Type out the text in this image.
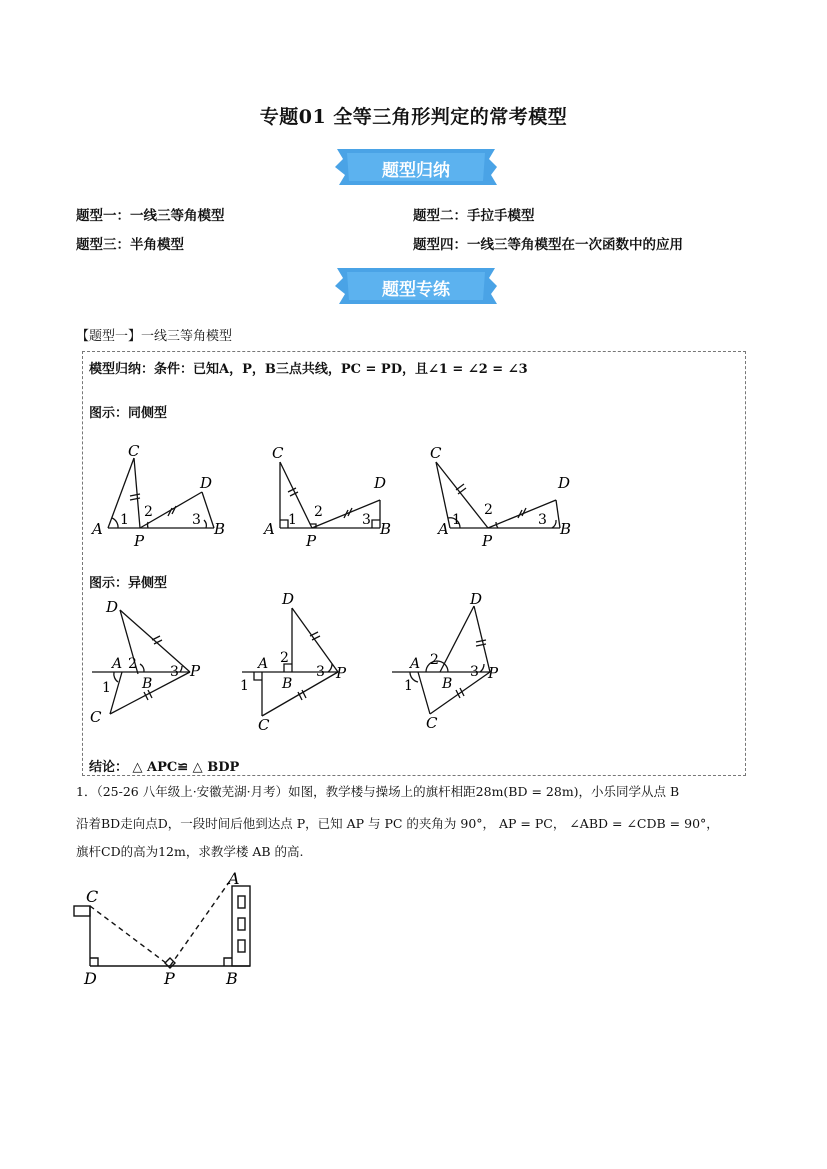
专题01 全等三角形判定的常考模型
题型归纳
题型一：一线三等角模型	题型二：手拉手模型
题型三：半角模型	题型四：一线三等角模型在一次函数中的应用
题型专练
【题型一】一线三等角模型
模型归纳：条件：已知A，P，B三点共线，PC = PD，且∠1 = ∠2 = ∠3
图示：同侧型
图示：异侧型
结论： △ APC≌ △ BDP
C
D
A	B
P
1 2	3
C
D
A	B
P
1 2	3
C
D
A	B
P
1
2
3
D
A
B
P
C
1
2 3
D
A
B
P
C
1
2
3
D
A
B
P
C
1
2
3
1．（25-26 八年级上·安徽芜湖·月考）如图，教学楼与操场上的旗杆相距28m(BD = 28m)，小乐同学从点 B
沿着BD走向点D，一段时间后他到达点 P，已知 AP 与 PC 的夹角为 90°， AP = PC， ∠ABD = ∠CDB = 90°，
旗杆CD的高为12m，求教学楼 AB 的高.
C
A
D	P	B
